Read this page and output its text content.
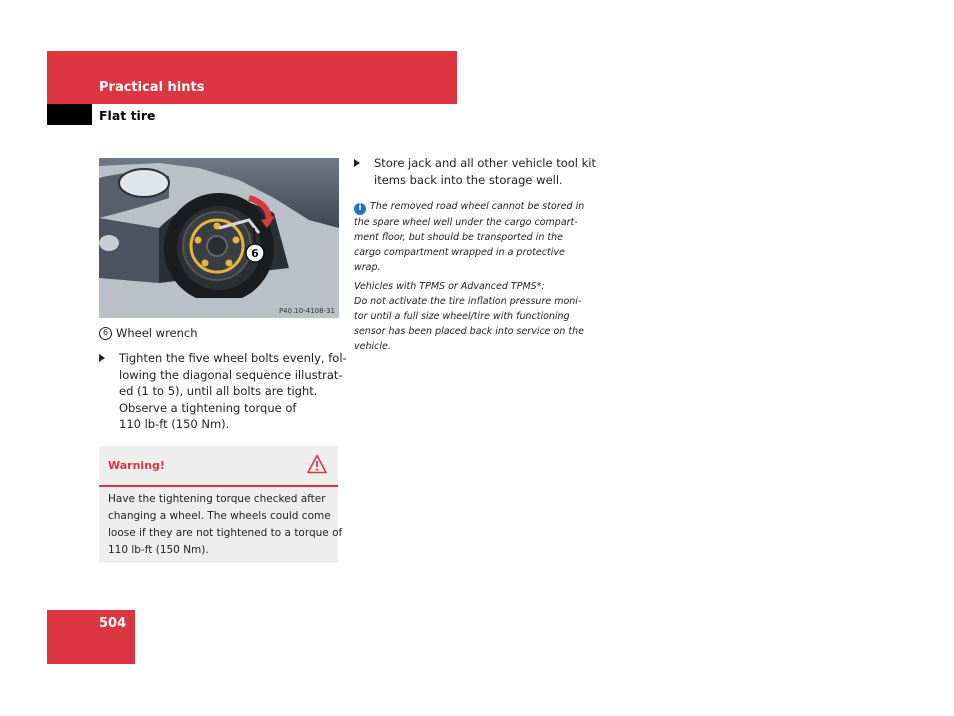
Practical hints
Flat tire
6
P40.10-4108-31
6 Wheel wrench
Tighten the five wheel bolts evenly, fol-
lowing the diagonal sequence illustrat-
ed (1 to 5), until all bolts are tight.
Observe a tightening torque of
110 lb-ft (150 Nm).
Warning!
Have the tightening torque checked after
changing a wheel. The wheels could come
loose if they are not tightened to a torque of
110 lb-ft (150 Nm).
Store jack and all other vehicle tool kit
items back into the storage well.
i The removed road wheel cannot be stored in
the spare wheel well under the cargo compart-
ment floor, but should be transported in the
cargo compartment wrapped in a protective
wrap.
Vehicles with TPMS or Advanced TPMS*:
Do not activate the tire inflation pressure moni-
tor until a full size wheel/tire with functioning
sensor has been placed back into service on the
vehicle.
504
